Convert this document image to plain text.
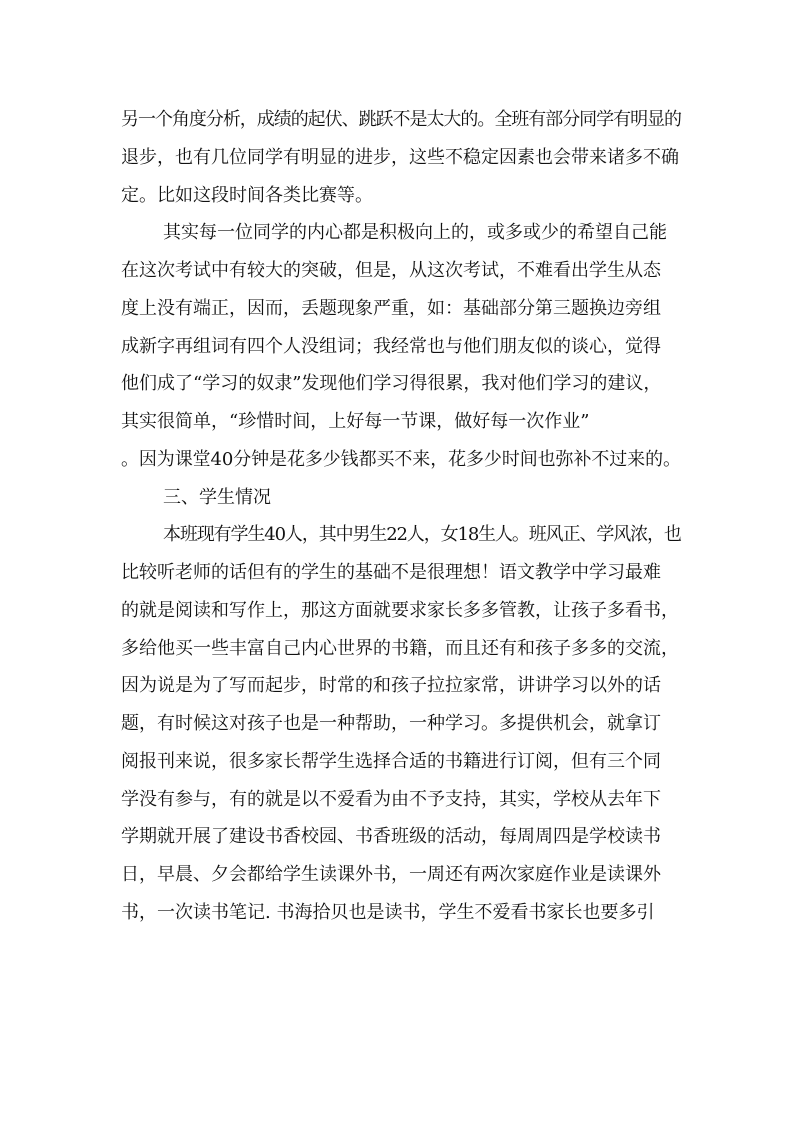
另一个角度分析，成绩的起伏、跳跃不是太大的。全班有部分同学有明显的
退步，也有几位同学有明显的进步，这些不稳定因素也会带来诸多不确
定。比如这段时间各类比赛等。
其实每一位同学的内心都是积极向上的，或多或少的希望自己能
在这次考试中有较大的突破，但是，从这次考试，不难看出学生从态
度上没有端正，因而，丢题现象严重，如：基础部分第三题换边旁组
成新字再组词有四个人没组词；我经常也与他们朋友似的谈心，觉得
他们成了“学习的奴隶”发现他们学习得很累，我对他们学习的建议，
其实很简单，“珍惜时间，上好每一节课，做好每一次作业”
。因为课堂40分钟是花多少钱都买不来，花多少时间也弥补不过来的。
三、学生情况
本班现有学生40人，其中男生22人，女18生人。班风正、学风浓，也
比较听老师的话但有的学生的基础不是很理想！语文教学中学习最难
的就是阅读和写作上，那这方面就要求家长多多管教，让孩子多看书，
多给他买一些丰富自己内心世界的书籍，而且还有和孩子多多的交流，
因为说是为了写而起步，时常的和孩子拉拉家常，讲讲学习以外的话
题，有时候这对孩子也是一种帮助，一种学习。多提供机会，就拿订
阅报刊来说，很多家长帮学生选择合适的书籍进行订阅，但有三个同
学没有参与，有的就是以不爱看为由不予支持，其实，学校从去年下
学期就开展了建设书香校园、书香班级的活动，每周周四是学校读书
日，早晨、夕会都给学生读课外书，一周还有两次家庭作业是读课外
书，一次读书笔记. 书海拾贝也是读书，学生不爱看书家长也要多引
